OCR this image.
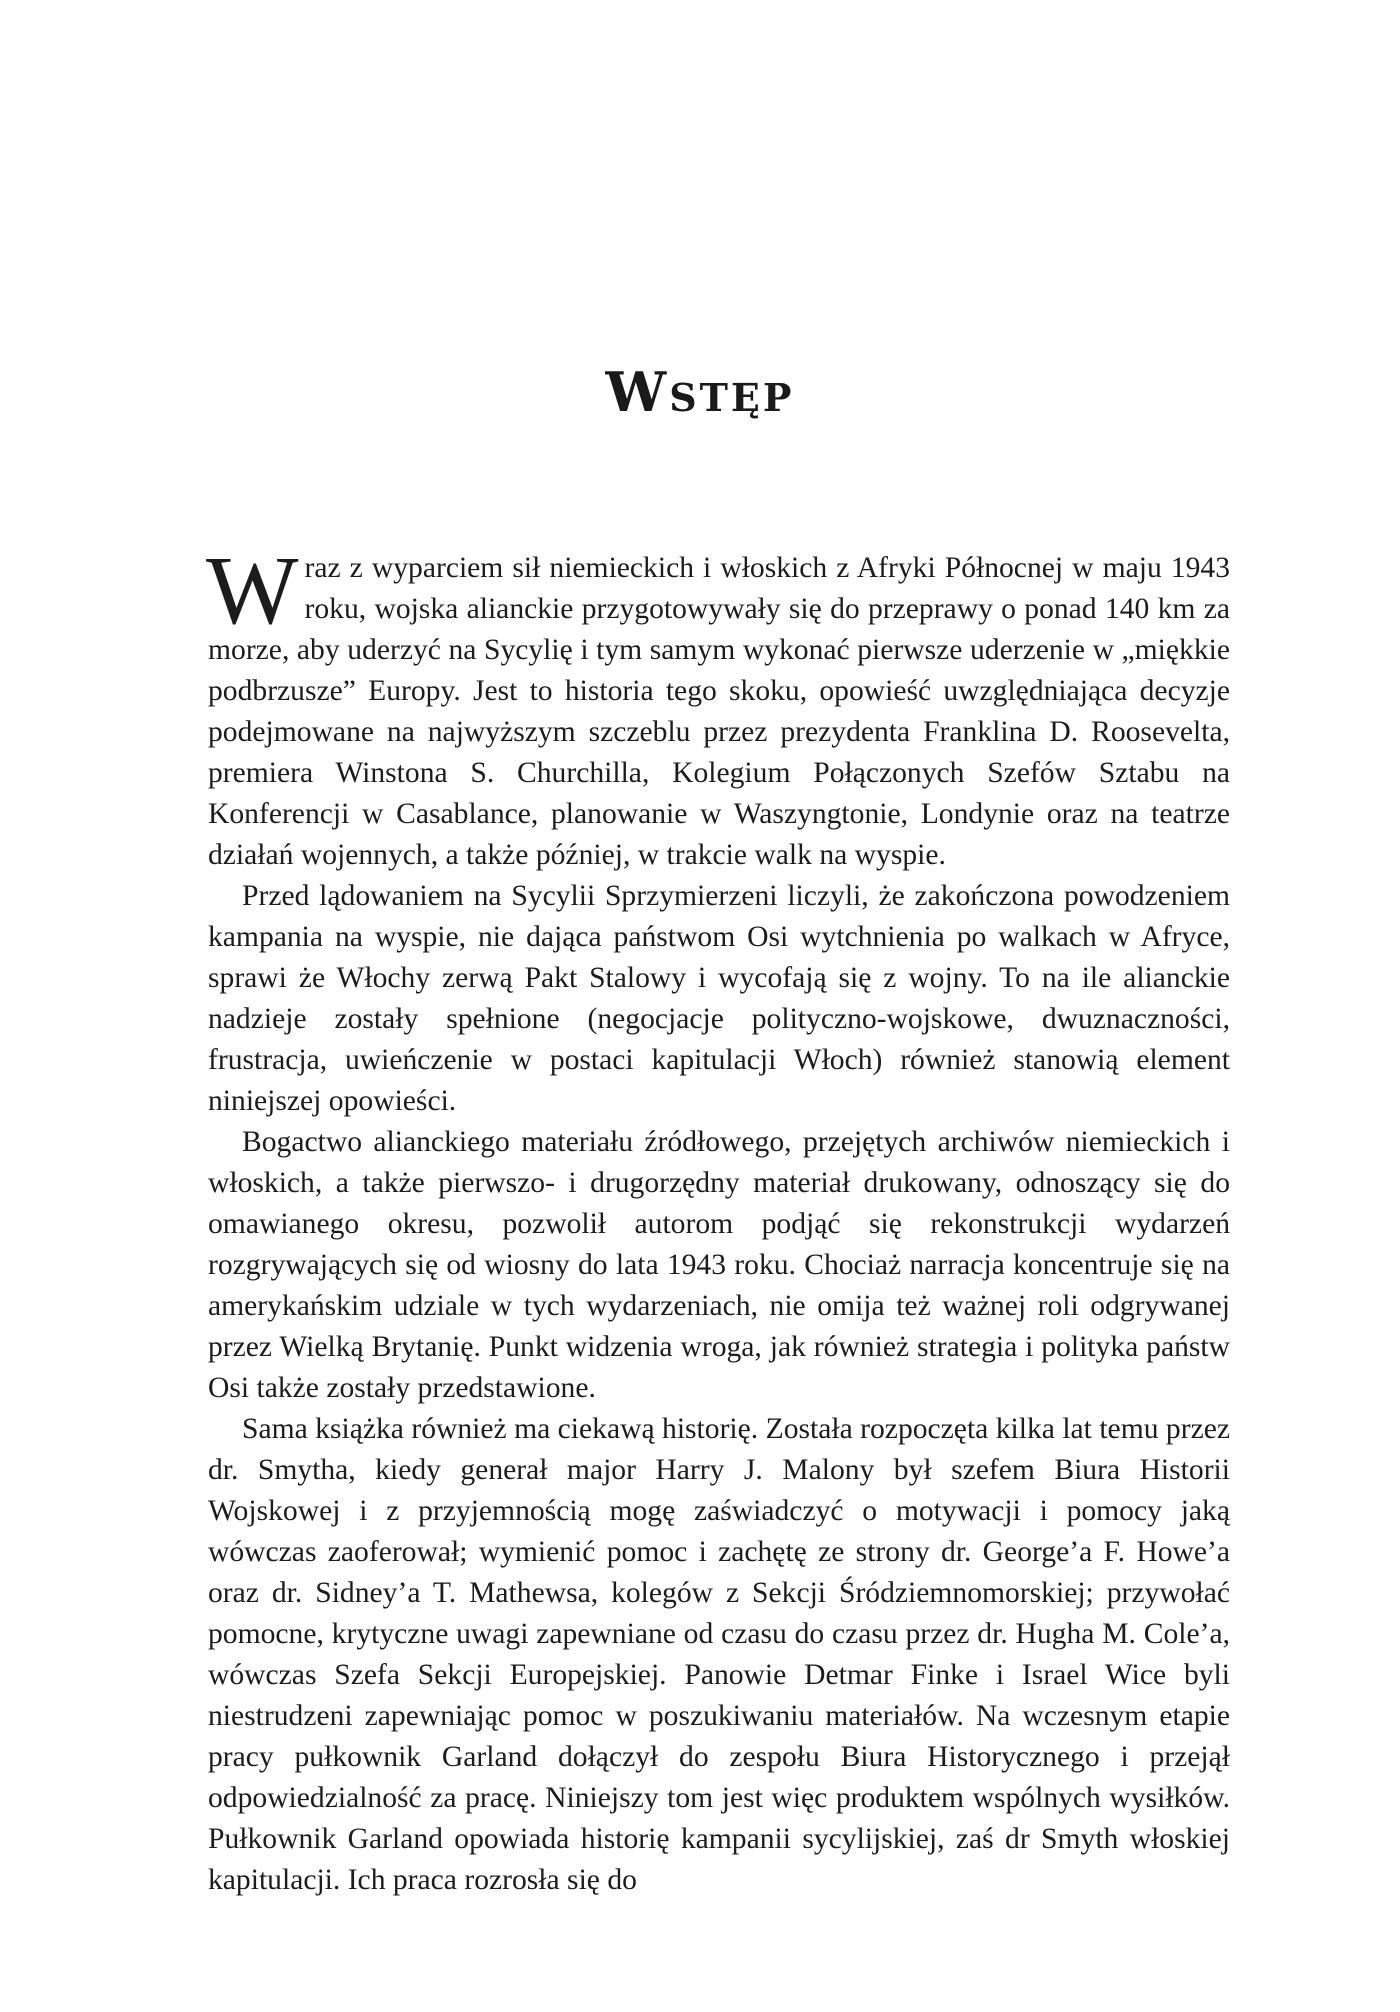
Wstęp

Wraz z wyparciem sił niemieckich i włoskich z Afryki Północnej w maju 1943 roku, wojska alianckie przygotowywały się do przeprawy o ponad 140 km za morze, aby uderzyć na Sycylię i tym samym wykonać pierwsze uderzenie w „miękkie podbrzusze” Europy. Jest to historia tego skoku, opowieść uwzględniająca decyzje podejmowane na najwyższym szczeblu przez prezydenta Franklina D. Roosevelta, premiera Winstona S. Churchilla, Kolegium Połączonych Szefów Sztabu na Konferencji w Casablance, planowanie w Waszyngtonie, Londynie oraz na teatrze działań wojennych, a także później, w trakcie walk na wyspie.

Przed lądowaniem na Sycylii Sprzymierzeni liczyli, że zakończona powodzeniem kampania na wyspie, nie dająca państwom Osi wytchnienia po walkach w Afryce, sprawi że Włochy zerwą Pakt Stalowy i wycofają się z wojny. To na ile alianckie nadzieje zostały spełnione (negocjacje polityczno-wojskowe, dwuznaczności, frustracja, uwieńczenie w postaci kapitulacji Włoch) również stanowią element niniejszej opowieści.

Bogactwo alianckiego materiału źródłowego, przejętych archiwów niemieckich i włoskich, a także pierwszo- i drugorzędny materiał drukowany, odnoszący się do omawianego okresu, pozwolił autorom podjąć się rekonstrukcji wydarzeń rozgrywających się od wiosny do lata 1943 roku. Chociaż narracja koncentruje się na amerykańskim udziale w tych wydarzeniach, nie omija też ważnej roli odgrywanej przez Wielką Brytanię. Punkt widzenia wroga, jak również strategia i polityka państw Osi także zostały przedstawione.

Sama książka również ma ciekawą historię. Została rozpoczęta kilka lat temu przez dr. Smytha, kiedy generał major Harry J. Malony był szefem Biura Historii Wojskowej i z przyjemnością mogę zaświadczyć o motywacji i pomocy jaką wówczas zaoferował; wymienić pomoc i zachętę ze strony dr. George’a F. Howe’a oraz dr. Sidney’a T. Mathewsa, kolegów z Sekcji Śródziemnomorskiej; przywołać pomocne, krytyczne uwagi zapewniane od czasu do czasu przez dr. Hugha M. Cole’a, wówczas Szefa Sekcji Europejskiej. Panowie Detmar Finke i Israel Wice byli niestrudzeni zapewniając pomoc w poszukiwaniu materiałów. Na wczesnym etapie pracy pułkownik Garland dołączył do zespołu Biura Historycznego i przejął odpowiedzialność za pracę. Niniejszy tom jest więc produktem wspólnych wysiłków. Pułkownik Garland opowiada historię kampanii sycylijskiej, zaś dr Smyth włoskiej kapitulacji. Ich praca rozrosła się do
